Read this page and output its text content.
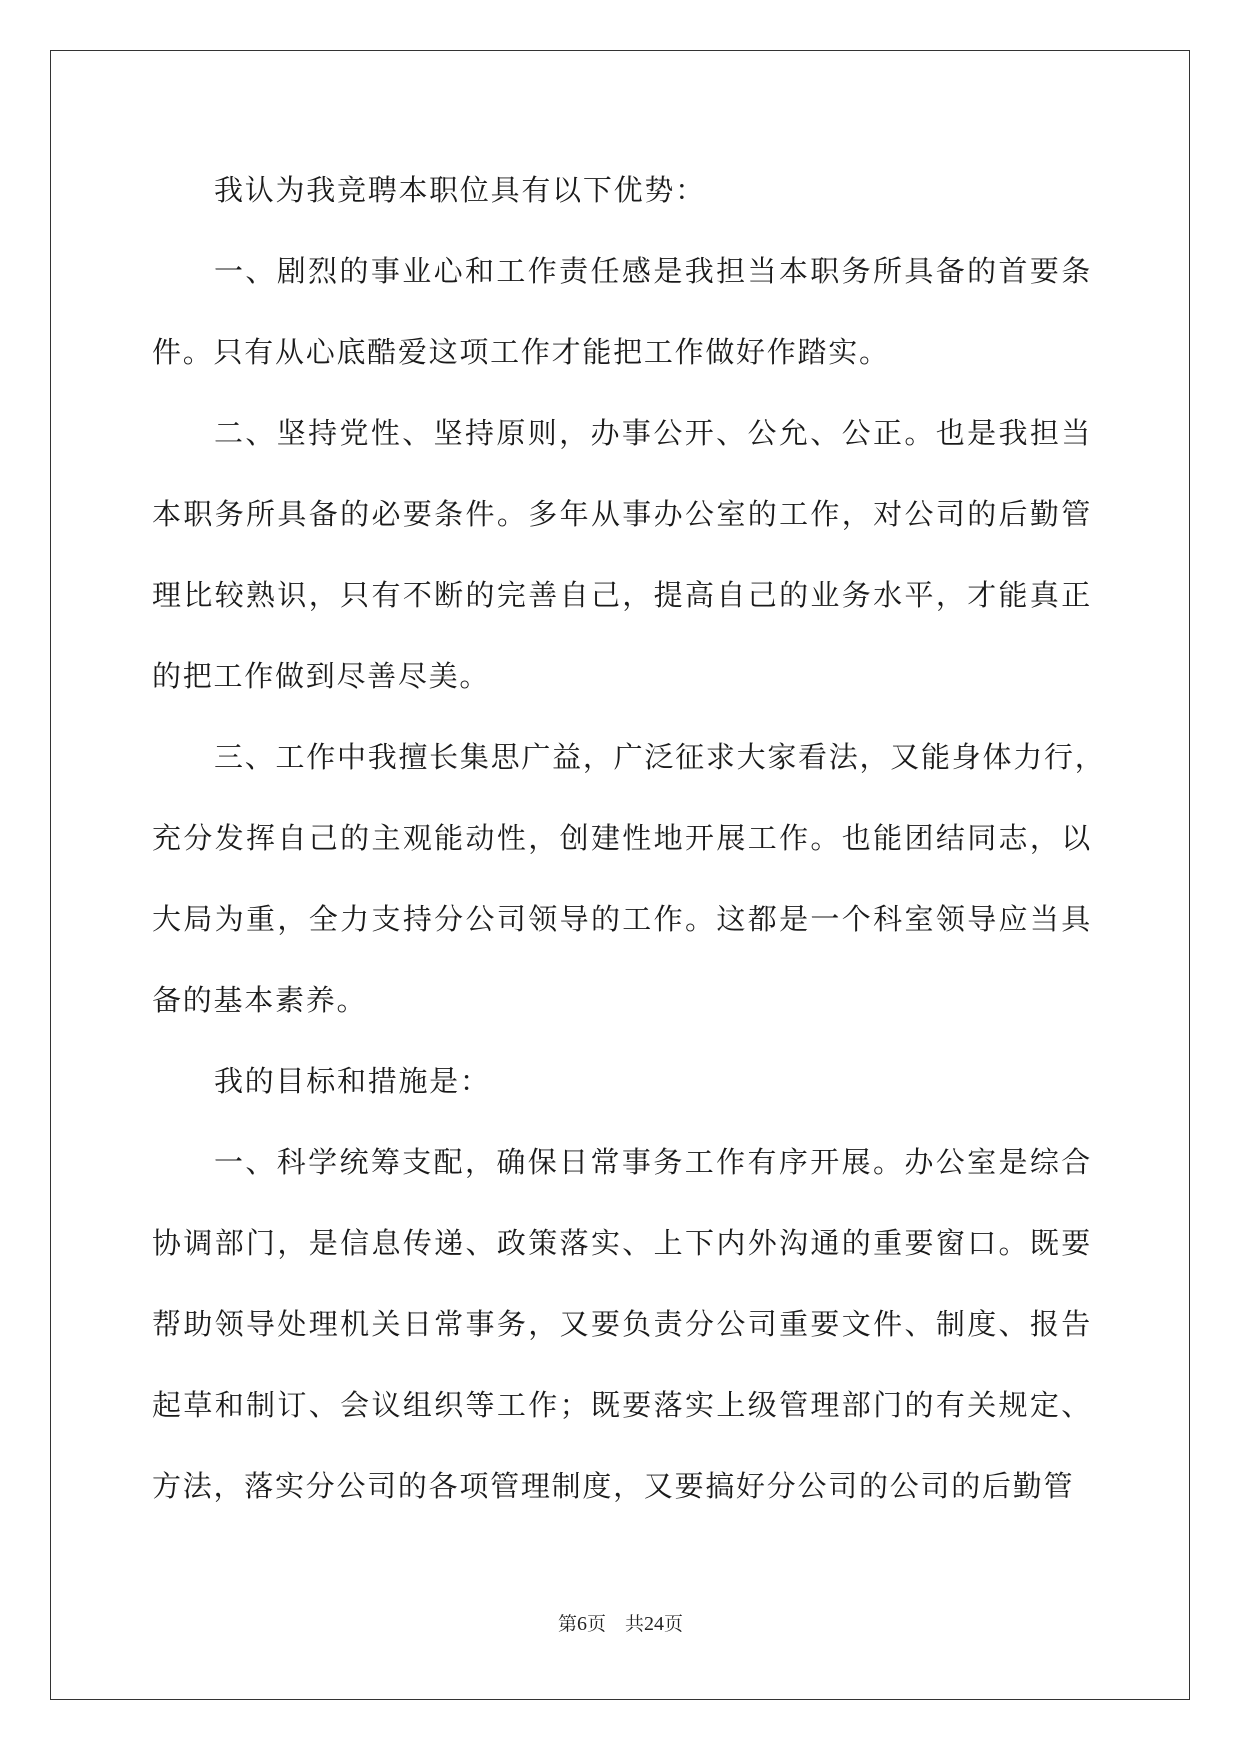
我认为我竞聘本职位具有以下优势：

一、剧烈的事业心和工作责任感是我担当本职务所具备的首要条
件。只有从心底酷爱这项工作才能把工作做好作踏实。

二、坚持党性、坚持原则，办事公开、公允、公正。也是我担当
本职务所具备的必要条件。多年从事办公室的工作，对公司的后勤管
理比较熟识，只有不断的完善自己，提高自己的业务水平，才能真正
的把工作做到尽善尽美。

三、工作中我擅长集思广益，广泛征求大家看法，又能身体力行，
充分发挥自己的主观能动性，创建性地开展工作。也能团结同志，以
大局为重，全力支持分公司领导的工作。这都是一个科室领导应当具
备的基本素养。

我的目标和措施是：

一、科学统筹支配，确保日常事务工作有序开展。办公室是综合
协调部门，是信息传递、政策落实、上下内外沟通的重要窗口。既要
帮助领导处理机关日常事务，又要负责分公司重要文件、制度、报告
起草和制订、会议组织等工作；既要落实上级管理部门的有关规定、
方法，落实分公司的各项管理制度，又要搞好分公司的公司的后勤管

第6页　共24页
